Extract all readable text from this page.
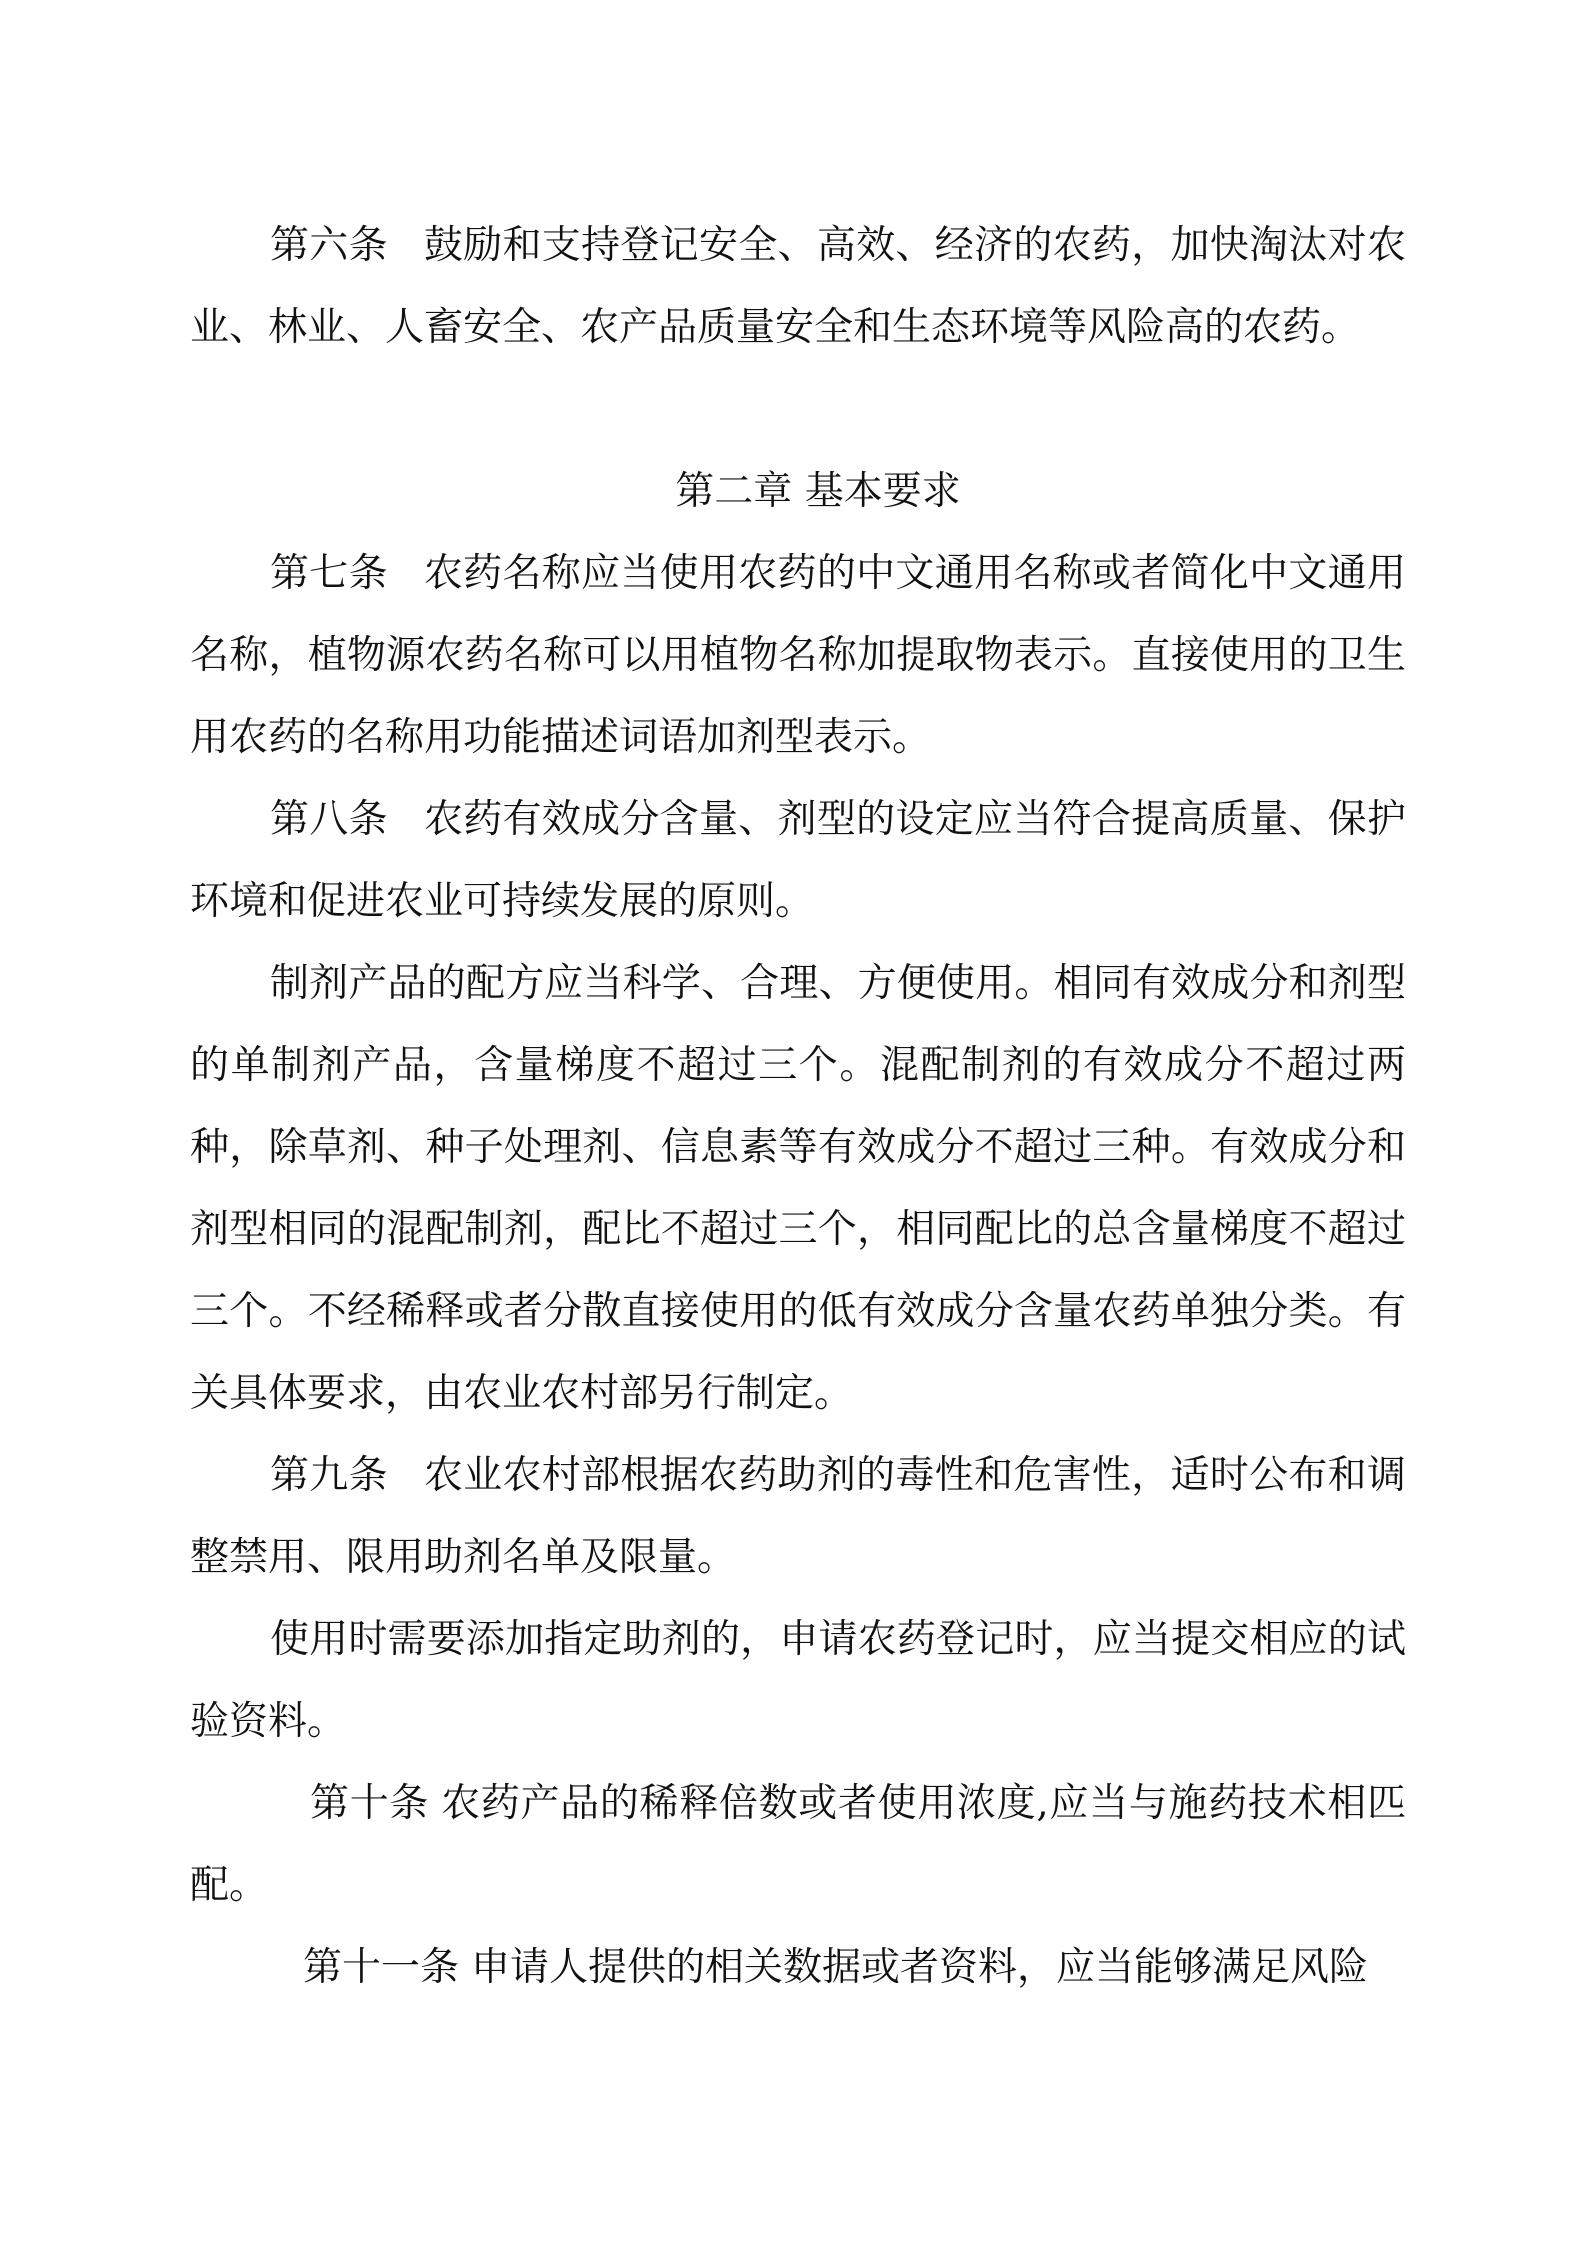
第六条 鼓励和支持登记安全、高效、经济的农药，加快淘汰对农业、林业、人畜安全、农产品质量安全和生态环境等风险高的农药。

第二章 基本要求

第七条 农药名称应当使用农药的中文通用名称或者简化中文通用名称，植物源农药名称可以用植物名称加提取物表示。直接使用的卫生用农药的名称用功能描述词语加剂型表示。

第八条 农药有效成分含量、剂型的设定应当符合提高质量、保护环境和促进农业可持续发展的原则。

制剂产品的配方应当科学、合理、方便使用。相同有效成分和剂型的单制剂产品，含量梯度不超过三个。混配制剂的有效成分不超过两种，除草剂、种子处理剂、信息素等有效成分不超过三种。有效成分和剂型相同的混配制剂，配比不超过三个，相同配比的总含量梯度不超过三个。不经稀释或者分散直接使用的低有效成分含量农药单独分类。有关具体要求，由农业农村部另行制定。

第九条 农业农村部根据农药助剂的毒性和危害性，适时公布和调整禁用、限用助剂名单及限量。

使用时需要添加指定助剂的，申请农药登记时，应当提交相应的试验资料。

第十条 农药产品的稀释倍数或者使用浓度,应当与施药技术相匹配。

第十一条 申请人提供的相关数据或者资料，应当能够满足风险
